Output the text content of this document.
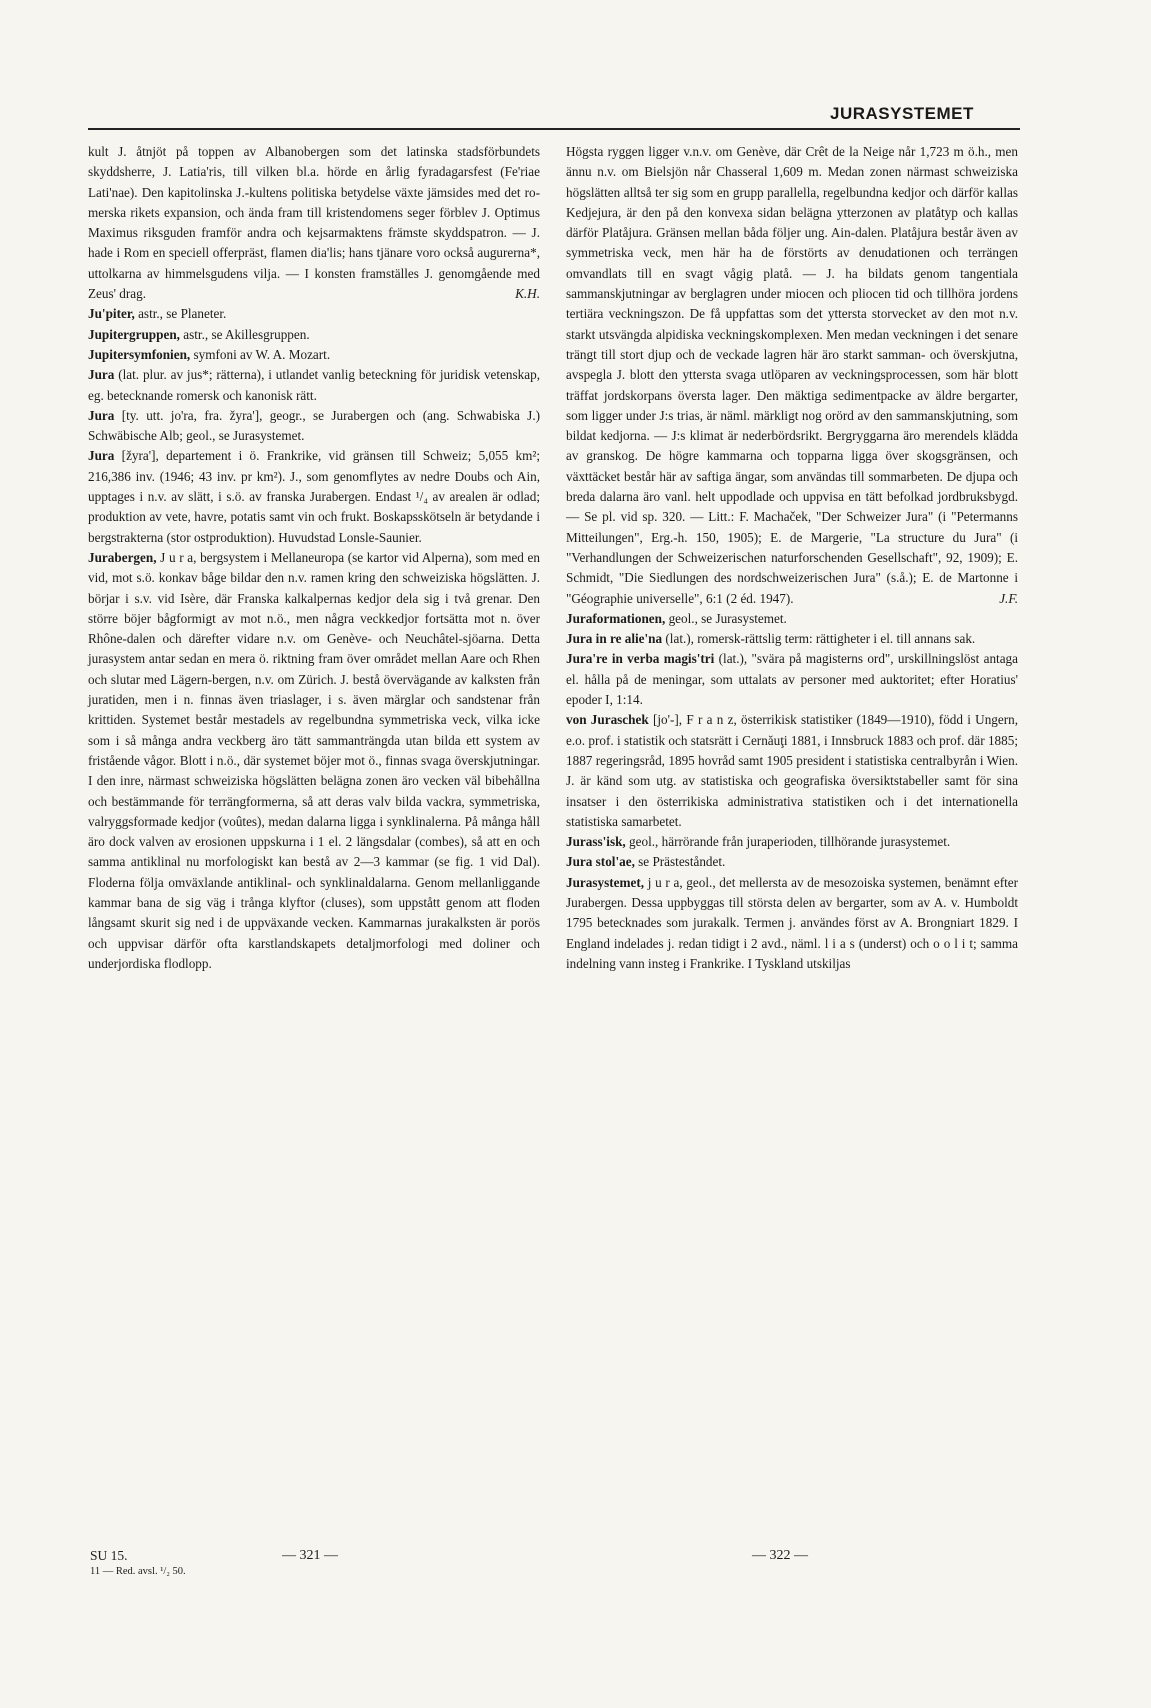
JURASYSTEMET

kult J. åtnjöt på toppen av Albanobergen som det latinska stadsförbundets skyddsherre, J. Latia'ris, till vilken bl.a. hörde en årlig fyradagarsfest (Fe'riae Lati'nae). Den kapitolinska J.-kultens politiska betydelse växte jämsides med det romerska rikets expansion, och ända fram till kristendomens seger förblev J. Optimus Maximus riksguden framför andra och kejsarmaktens främste skyddspatron. — J. hade i Rom en speciell offerpräst, flamen dia'lis; hans tjänare voro också augurerna*, uttolkarna av himmelsgudens vilja. — I konsten framställes J. genomgående med Zeus' drag.	K.H.

Ju'piter, astr., se Planeter.

Jupitergruppen, astr., se Akillesgruppen.

Jupitersymfonien, symfoni av W. A. Mozart.

Jura (lat. plur. av jus*; rätterna), i utlandet vanlig beteckning för juridisk vetenskap, eg. betecknande romersk och kanonisk rätt.

Jura [ty. utt. jo'ra, fra. žyra'], geogr., se Jurabergen och (ang. Schwabiska J.) Schwäbische Alb; geol., se Jurasystemet.

Jura [žyra'], departement i ö. Frankrike, vid gränsen till Schweiz; 5,055 km²; 216,386 inv. (1946; 43 inv. pr km²). J., som genomflytes av nedre Doubs och Ain, upptages i n.v. av slätt, i s.ö. av franska Jurabergen. Endast ¹/₄ av arealen är odlad; produktion av vete, havre, potatis samt vin och frukt. Boskapsskötseln är betydande i bergstrakterna (stor ostproduktion). Huvudstad Lonsle-Saunier.

Jurabergen, J u r a, bergsystem i Mellaneuropa (se kartor vid Alperna), som med en vid, mot s.ö. konkav båge bildar den n.v. ramen kring den schweiziska högslätten. J. börjar i s.v. vid Isère, där Franska kalkalpernas kedjor dela sig i två grenar. Den större böjer bågformigt av mot n.ö., men några veckkedjor fortsätta mot n. över Rhône-dalen och därefter vidare n.v. om Genève- och Neuchâtel-sjöarna. Detta jurasystem antar sedan en mera ö. riktning fram över området mellan Aare och Rhen och slutar med Lägern-bergen, n.v. om Zürich. J. bestå övervägande av kalksten från juratiden, men i n. finnas även triaslager, i s. även märglar och sandstenar från krittiden. Systemet består mestadels av regelbundna symmetriska veck, vilka icke som i så många andra veckberg äro tätt sammanträngda utan bilda ett system av fristående vågor. Blott i n.ö., där systemet böjer mot ö., finnas svaga överskjutningar. I den inre, närmast schweiziska högslätten belägna zonen äro vecken väl bibehållna och bestämmande för terrängformerna, så att deras valv bilda vackra, symmetriska, valryggsformade kedjor (voûtes), medan dalarna ligga i synklinalerna. På många håll äro dock valven av erosionen uppskurna i 1 el. 2 längsdalar (combes), så att en och samma antiklinal nu morfologiskt kan bestå av 2—3 kammar (se fig. 1 vid Dal). Floderna följa omväxlande antiklinal- och synklinaldalarna. Genom mellanliggande kammar bana de sig väg i trånga klyftor (cluses), som uppstått genom att floden långsamt skurit sig ned i de uppväxande vecken. Kammarnas jurakalksten är porös och uppvisar därför ofta karstlandskapets detaljmorfologi med doliner och underjordiska flodlopp.

Högsta ryggen ligger v.n.v. om Genève, där Crêt de la Neige når 1,723 m ö.h., men ännu n.v. om Bielsjön når Chasseral 1,609 m. Medan zonen närmast schweiziska högslätten alltså ter sig som en grupp parallella, regelbundna kedjor och därför kallas Kedjejura, är den på den konvexa sidan belägna ytterzonen av platåtyp och kallas därför Platåjura. Gränsen mellan båda följer ung. Ain-dalen. Platåjura består även av symmetriska veck, men här ha de förstörts av denudationen och terrängen omvandlats till en svagt vågig platå. — J. ha bildats genom tangentiala sammanskjutningar av berglagren under miocen och pliocen tid och tillhöra jordens tertiära veckningszon. De få uppfattas som det yttersta storvecket av den mot n.v. starkt utsvängda alpidiska veckningskomplexen. Men medan veckningen i det senare trängt till stort djup och de veckade lagren här äro starkt samman- och överskjutna, avspegla J. blott den yttersta svaga utlöparen av veckningsprocessen, som här blott träffat jordskorpans översta lager. Den mäktiga sedimentpacke av äldre bergarter, som ligger under J:s trias, är näml. märkligt nog orörd av den sammanskjutning, som bildat kedjorna. — J:s klimat är nederbördsrikt. Bergryggarna äro merendels klädda av granskog. De högre kammarna och topparna ligga över skogsgränsen, och växttäcket består här av saftiga ängar, som användas till sommarbeten. De djupa och breda dalarna äro vanl. helt uppodlade och uppvisa en tätt befolkad jordbruksbygd. — Se pl. vid sp. 320. — Litt.: F. Machaček, "Der Schweizer Jura" (i "Petermanns Mitteilungen", Erg.-h. 150, 1905); E. de Margerie, "La structure du Jura" (i "Verhandlungen der Schweizerischen naturforschenden Gesellschaft", 92, 1909); E. Schmidt, "Die Siedlungen des nordschweizerischen Jura" (s.å.); E. de Martonne i "Géographie universelle", 6:1 (2 éd. 1947).	J.F.

Juraformationen, geol., se Jurasystemet.

Jura in re alie'na (lat.), romersk-rättslig term: rättigheter i el. till annans sak.

Jura're in verba magis'tri (lat.), "svära på magisterns ord", urskillningslöst antaga el. hålla på de meningar, som uttalats av personer med auktoritet; efter Horatius' epoder I, 1:14.

von Juraschek [jo'-], F r a n z, österrikisk statistiker (1849—1910), född i Ungern, e.o. prof. i statistik och statsrätt i Cernăuţi 1881, i Innsbruck 1883 och prof. där 1885; 1887 regeringsråd, 1895 hovråd samt 1905 president i statistiska centralbyrån i Wien. J. är känd som utg. av statistiska och geografiska översiktstabeller samt för sina insatser i den österrikiska administrativa statistiken och i det internationella statistiska samarbetet.

Jurass'isk, geol., härrörande från juraperioden, tillhörande jurasystemet.

Jura stol'ae, se Prästeståndet.

Jurasystemet, j u r a, geol., det mellersta av de mesozoiska systemen, benämnt efter Jurabergen. Dessa uppbyggas till största delen av bergarter, som av A. v. Humboldt 1795 betecknades som jurakalk. Termen j. användes först av A. Brongniart 1829. I England indelades j. redan tidigt i 2 avd., näml. l i a s (underst) och o o l i t; samma indelning vann insteg i Frankrike. I Tyskland utskiljas

SU 15.
11 — Red. avsl. ¹/₂ 50.
— 321 —	— 322 —
